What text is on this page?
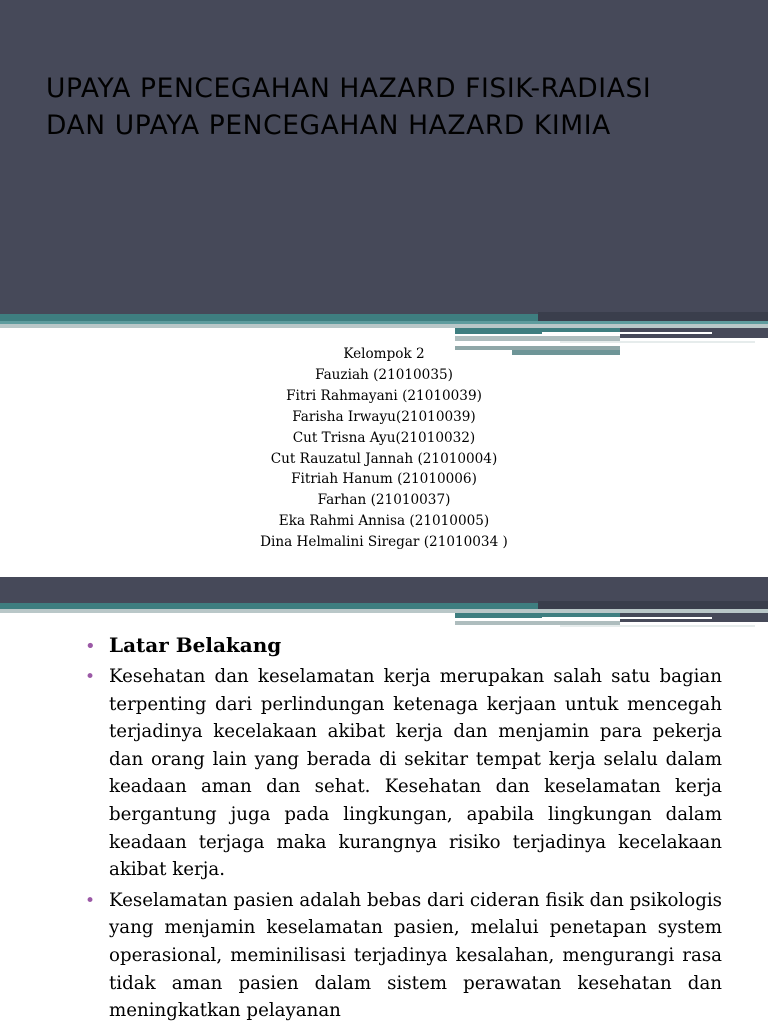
UPAYA PENCEGAHAN HAZARD FISIK-RADIASI
DAN UPAYA PENCEGAHAN HAZARD KIMIA
Kelompok 2
Fauziah (21010035)
Fitri Rahmayani (21010039)
Farisha Irwayu(21010039)
Cut Trisna Ayu(21010032)
Cut Rauzatul Jannah (21010004)
Fitriah Hanum (21010006)
Farhan (21010037)
Eka Rahmi Annisa (21010005)
Dina Helmalini Siregar (21010034 )
• Latar Belakang
• Kesehatan dan keselamatan kerja merupakan salah satu bagian terpenting dari perlindungan ketenaga kerjaan untuk mencegah terjadinya kecelakaan akibat kerja dan menjamin para pekerja dan orang lain yang berada di sekitar tempat kerja selalu dalam keadaan aman dan sehat. Kesehatan dan keselamatan kerja bergantung juga pada lingkungan, apabila lingkungan dalam keadaan terjaga maka kurangnya risiko terjadinya kecelakaan akibat kerja.
• Keselamatan pasien adalah bebas dari cideran fisik dan psikologis yang menjamin keselamatan pasien, melalui penetapan system operasional, meminilisasi terjadinya kesalahan, mengurangi rasa tidak aman pasien dalam sistem perawatan kesehatan dan meningkatkan pelayanan
